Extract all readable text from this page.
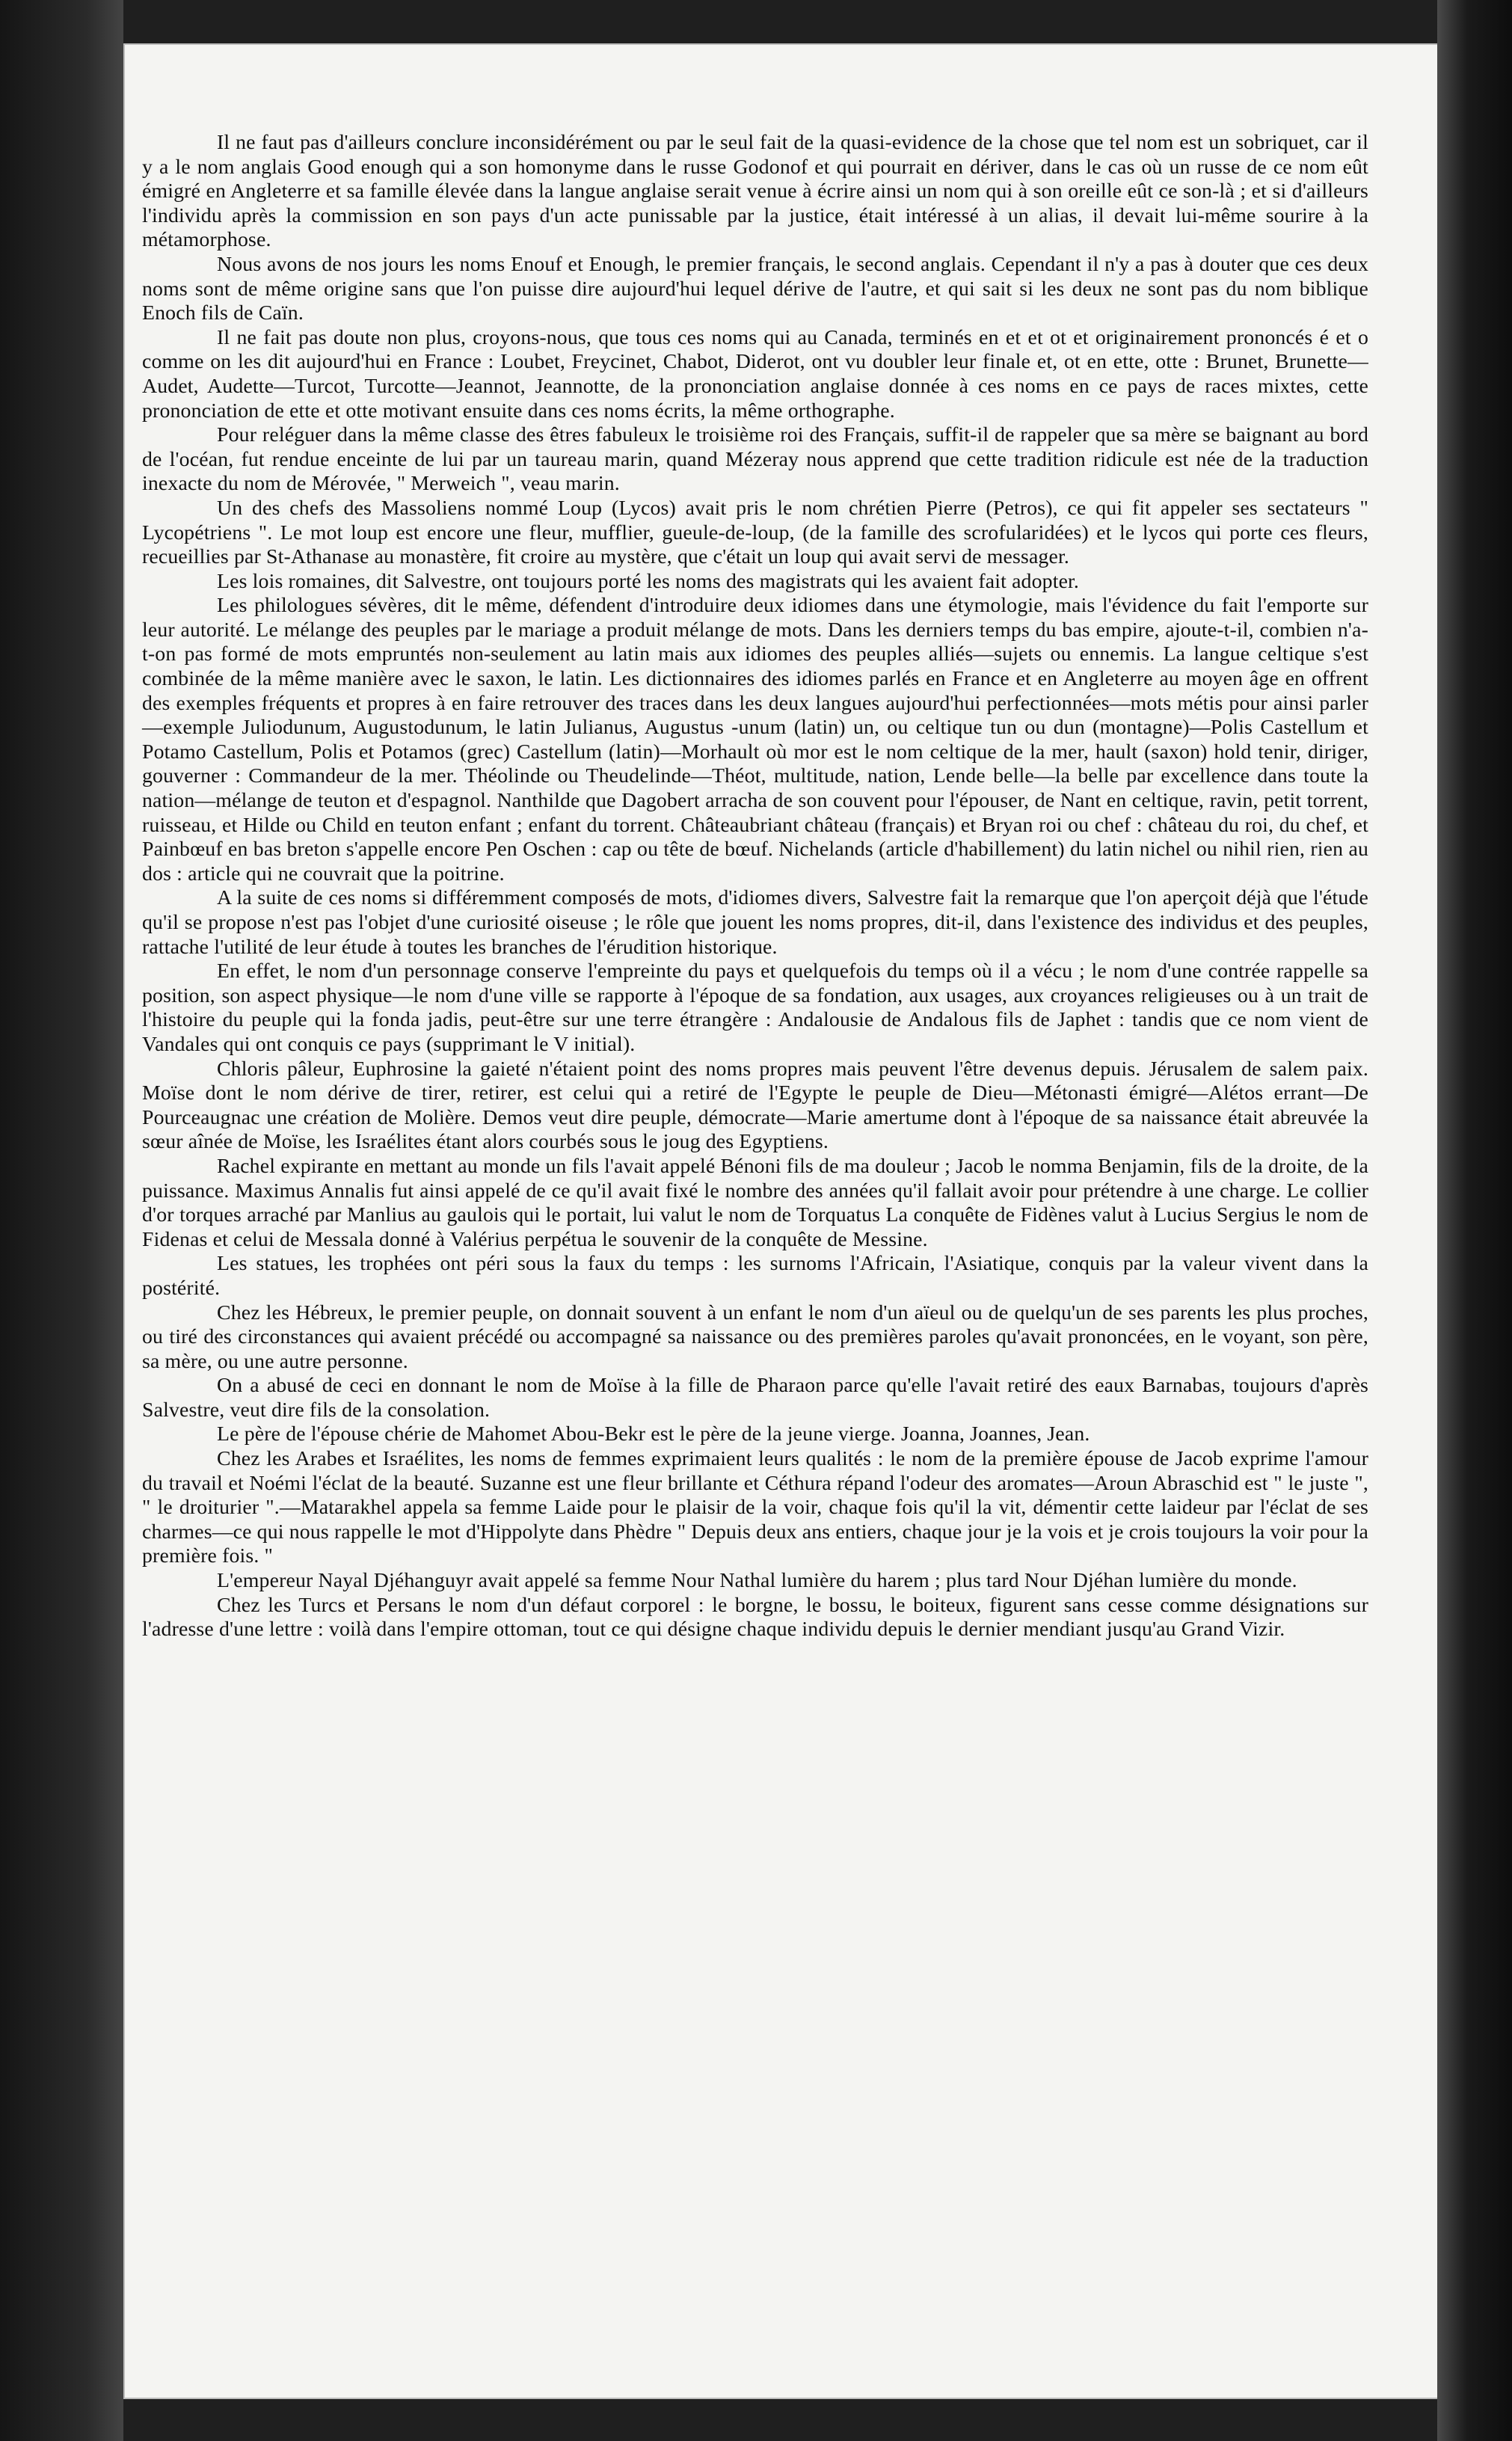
Il ne faut pas d'ailleurs conclure inconsidérément ou par le seul fait de la quasi-evidence de la chose que tel nom est un sobriquet, car il y a le nom anglais Good enough qui a son homonyme dans le russe Godonof et qui pourrait en dériver, dans le cas où un russe de ce nom eût émigré en Angleterre et sa famille élevée dans la langue anglaise serait venue à écrire ainsi un nom qui à son oreille eût ce son-là ; et si d'ailleurs l'individu après la commission en son pays d'un acte punissable par la justice, était intéressé à un alias, il devait lui-même sourire à la métamorphose.

Nous avons de nos jours les noms Enouf et Enough, le premier français, le second anglais. Cependant il n'y a pas à douter que ces deux noms sont de même origine sans que l'on puisse dire aujourd'hui lequel dérive de l'autre, et qui sait si les deux ne sont pas du nom biblique Enoch fils de Caïn.

Il ne fait pas doute non plus, croyons-nous, que tous ces noms qui au Canada, terminés en et et ot et originairement prononcés é et o comme on les dit aujourd'hui en France : Loubet, Freycinet, Chabot, Diderot, ont vu doubler leur finale et, ot en ette, otte : Brunet, Brunette—Audet, Audette—Turcot, Turcotte—Jeannot, Jeannotte, de la prononciation anglaise donnée à ces noms en ce pays de races mixtes, cette prononciation de ette et otte motivant ensuite dans ces noms écrits, la même orthographe.

Pour reléguer dans la même classe des êtres fabuleux le troisième roi des Français, suffit-il de rappeler que sa mère se baignant au bord de l'océan, fut rendue enceinte de lui par un taureau marin, quand Mézeray nous apprend que cette tradition ridicule est née de la traduction inexacte du nom de Mérovée, " Merweich ", veau marin.

Un des chefs des Massoliens nommé Loup (Lycos) avait pris le nom chrétien Pierre (Petros), ce qui fit appeler ses sectateurs " Lycopétriens ". Le mot loup est encore une fleur, mufflier, gueule-de-loup, (de la famille des scrofularidées) et le lycos qui porte ces fleurs, recueillies par St-Athanase au monastère, fit croire au mystère, que c'était un loup qui avait servi de messager.

Les lois romaines, dit Salvestre, ont toujours porté les noms des magistrats qui les avaient fait adopter.

Les philologues sévères, dit le même, défendent d'introduire deux idiomes dans une étymologie, mais l'évidence du fait l'emporte sur leur autorité. Le mélange des peuples par le mariage a produit mélange de mots. Dans les derniers temps du bas empire, ajoute-t-il, combien n'a-t-on pas formé de mots empruntés non-seulement au latin mais aux idiomes des peuples alliés—sujets ou ennemis. La langue celtique s'est combinée de la même manière avec le saxon, le latin. Les dictionnaires des idiomes parlés en France et en Angleterre au moyen âge en offrent des exemples fréquents et propres à en faire retrouver des traces dans les deux langues aujourd'hui perfectionnées—mots métis pour ainsi parler—exemple Juliodunum, Augustodunum, le latin Julianus, Augustus -unum (latin) un, ou celtique tun ou dun (montagne)—Polis Castellum et Potamo Castellum, Polis et Potamos (grec) Castellum (latin)—Morhault où mor est le nom celtique de la mer, hault (saxon) hold tenir, diriger, gouverner : Commandeur de la mer. Théolinde ou Theudelinde—Théot, multitude, nation, Lende belle—la belle par excellence dans toute la nation—mélange de teuton et d'espagnol. Nanthilde que Dagobert arracha de son couvent pour l'épouser, de Nant en celtique, ravin, petit torrent, ruisseau, et Hilde ou Child en teuton enfant ; enfant du torrent. Châteaubriant château (français) et Bryan roi ou chef : château du roi, du chef, et Painbœuf en bas breton s'appelle encore Pen Oschen : cap ou tête de bœuf. Nichelands (article d'habillement) du latin nichel ou nihil rien, rien au dos : article qui ne couvrait que la poitrine.

A la suite de ces noms si différemment composés de mots, d'idiomes divers, Salvestre fait la remarque que l'on aperçoit déjà que l'étude qu'il se propose n'est pas l'objet d'une curiosité oiseuse ; le rôle que jouent les noms propres, dit-il, dans l'existence des individus et des peuples, rattache l'utilité de leur étude à toutes les branches de l'érudition historique.

En effet, le nom d'un personnage conserve l'empreinte du pays et quelquefois du temps où il a vécu ; le nom d'une contrée rappelle sa position, son aspect physique—le nom d'une ville se rapporte à l'époque de sa fondation, aux usages, aux croyances religieuses ou à un trait de l'histoire du peuple qui la fonda jadis, peut-être sur une terre étrangère : Andalousie de Andalous fils de Japhet : tandis que ce nom vient de Vandales qui ont conquis ce pays (supprimant le V initial).

Chloris pâleur, Euphrosine la gaieté n'étaient point des noms propres mais peuvent l'être devenus depuis. Jérusalem de salem paix. Moïse dont le nom dérive de tirer, retirer, est celui qui a retiré de l'Egypte le peuple de Dieu—Métonasti émigré—Alétos errant—De Pourceaugnac une création de Molière. Demos veut dire peuple, démocrate—Marie amertume dont à l'époque de sa naissance était abreuvée la sœur aînée de Moïse, les Israélites étant alors courbés sous le joug des Egyptiens.

Rachel expirante en mettant au monde un fils l'avait appelé Bénoni fils de ma douleur ; Jacob le nomma Benjamin, fils de la droite, de la puissance. Maximus Annalis fut ainsi appelé de ce qu'il avait fixé le nombre des années qu'il fallait avoir pour prétendre à une charge. Le collier d'or torques arraché par Manlius au gaulois qui le portait, lui valut le nom de Torquatus La conquête de Fidènes valut à Lucius Sergius le nom de Fidenas et celui de Messala donné à Valérius perpétua le souvenir de la conquête de Messine.

Les statues, les trophées ont péri sous la faux du temps : les surnoms l'Africain, l'Asiatique, conquis par la valeur vivent dans la postérité.

Chez les Hébreux, le premier peuple, on donnait souvent à un enfant le nom d'un aïeul ou de quelqu'un de ses parents les plus proches, ou tiré des circonstances qui avaient précédé ou accompagné sa naissance ou des premières paroles qu'avait prononcées, en le voyant, son père, sa mère, ou une autre personne.

On a abusé de ceci en donnant le nom de Moïse à la fille de Pharaon parce qu'elle l'avait retiré des eaux Barnabas, toujours d'après Salvestre, veut dire fils de la consolation.

Le père de l'épouse chérie de Mahomet Abou-Bekr est le père de la jeune vierge. Joanna, Joannes, Jean.

Chez les Arabes et Israélites, les noms de femmes exprimaient leurs qualités : le nom de la première épouse de Jacob exprime l'amour du travail et Noémi l'éclat de la beauté. Suzanne est une fleur brillante et Céthura répand l'odeur des aromates—Aroun Abraschid est " le juste ", " le droiturier ".—Matarakhel appela sa femme Laide pour le plaisir de la voir, chaque fois qu'il la vit, démentir cette laideur par l'éclat de ses charmes—ce qui nous rappelle le mot d'Hippolyte dans Phèdre " Depuis deux ans entiers, chaque jour je la vois et je crois toujours la voir pour la première fois. "

L'empereur Nayal Djéhanguyr avait appelé sa femme Nour Nathal lumière du harem ; plus tard Nour Djéhan lumière du monde.

Chez les Turcs et Persans le nom d'un défaut corporel : le borgne, le bossu, le boiteux, figurent sans cesse comme désignations sur l'adresse d'une lettre : voilà dans l'empire ottoman, tout ce qui désigne chaque individu depuis le dernier mendiant jusqu'au Grand Vizir.
